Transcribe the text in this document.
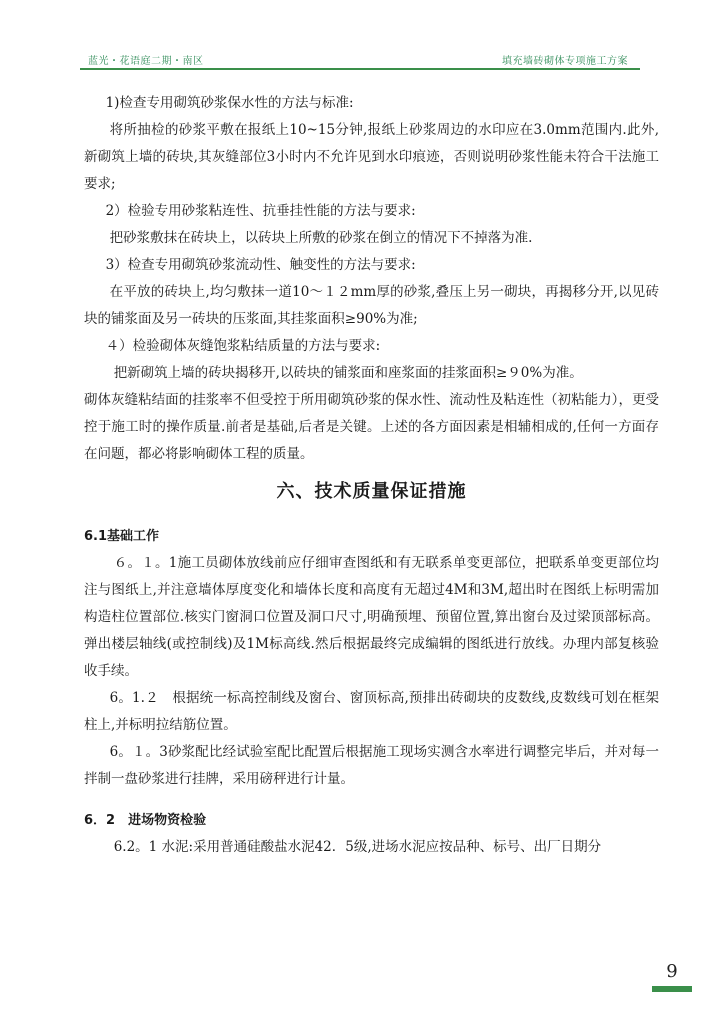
蓝光・花语庭二期・南区	填充墙砖砌体专项施工方案

1)检查专用砌筑砂浆保水性的方法与标准:

将所抽检的砂浆平敷在报纸上10~15分钟,报纸上砂浆周边的水印应在3.0mm范围内.此外,新砌筑上墙的砖块,其灰缝部位3小时内不允许见到水印痕迹，否则说明砂浆性能未符合干法施工要求;

2）检验专用砂浆粘连性、抗垂挂性能的方法与要求:

把砂浆敷抹在砖块上，以砖块上所敷的砂浆在倒立的情况下不掉落为准.

3）检查专用砌筑砂浆流动性、触变性的方法与要求:

在平放的砖块上,均匀敷抹一道10～１２mm厚的砂浆,叠压上另一砌块，再揭移分开,以见砖块的铺浆面及另一砖块的压浆面,其挂浆面积≥90%为准;

４）检验砌体灰缝饱浆粘结质量的方法与要求:

把新砌筑上墙的砖块揭移开,以砖块的铺浆面和座浆面的挂浆面积≥９0%为准。

砌体灰缝粘结面的挂浆率不但受控于所用砌筑砂浆的保水性、流动性及粘连性（初粘能力），更受控于施工时的操作质量.前者是基础,后者是关键。上述的各方面因素是相辅相成的,任何一方面存在问题，都必将影响砌体工程的质量。

六、技术质量保证措施

6.1基础工作

６。１。1施工员砌体放线前应仔细审查图纸和有无联系单变更部位，把联系单变更部位均注与图纸上,并注意墙体厚度变化和墙体长度和高度有无超过4M和3M,超出时在图纸上标明需加构造柱位置部位.核实门窗洞口位置及洞口尺寸,明确预埋、预留位置,算出窗台及过梁顶部标高。弹出楼层轴线(或控制线)及1M标高线.然后根据最终完成编辑的图纸进行放线。办理内部复核验收手续。

6。1.２　根据统一标高控制线及窗台、窗顶标高,预排出砖砌块的皮数线,皮数线可划在框架柱上,并标明拉结筋位置。

6。１。3砂浆配比经试验室配比配置后根据施工现场实测含水率进行调整完毕后，并对每一拌制一盘砂浆进行挂牌，采用磅秤进行计量。

6．2　进场物资检验

6.2。1 水泥:采用普通硅酸盐水泥42．5级,进场水泥应按品种、标号、出厂日期分

9
